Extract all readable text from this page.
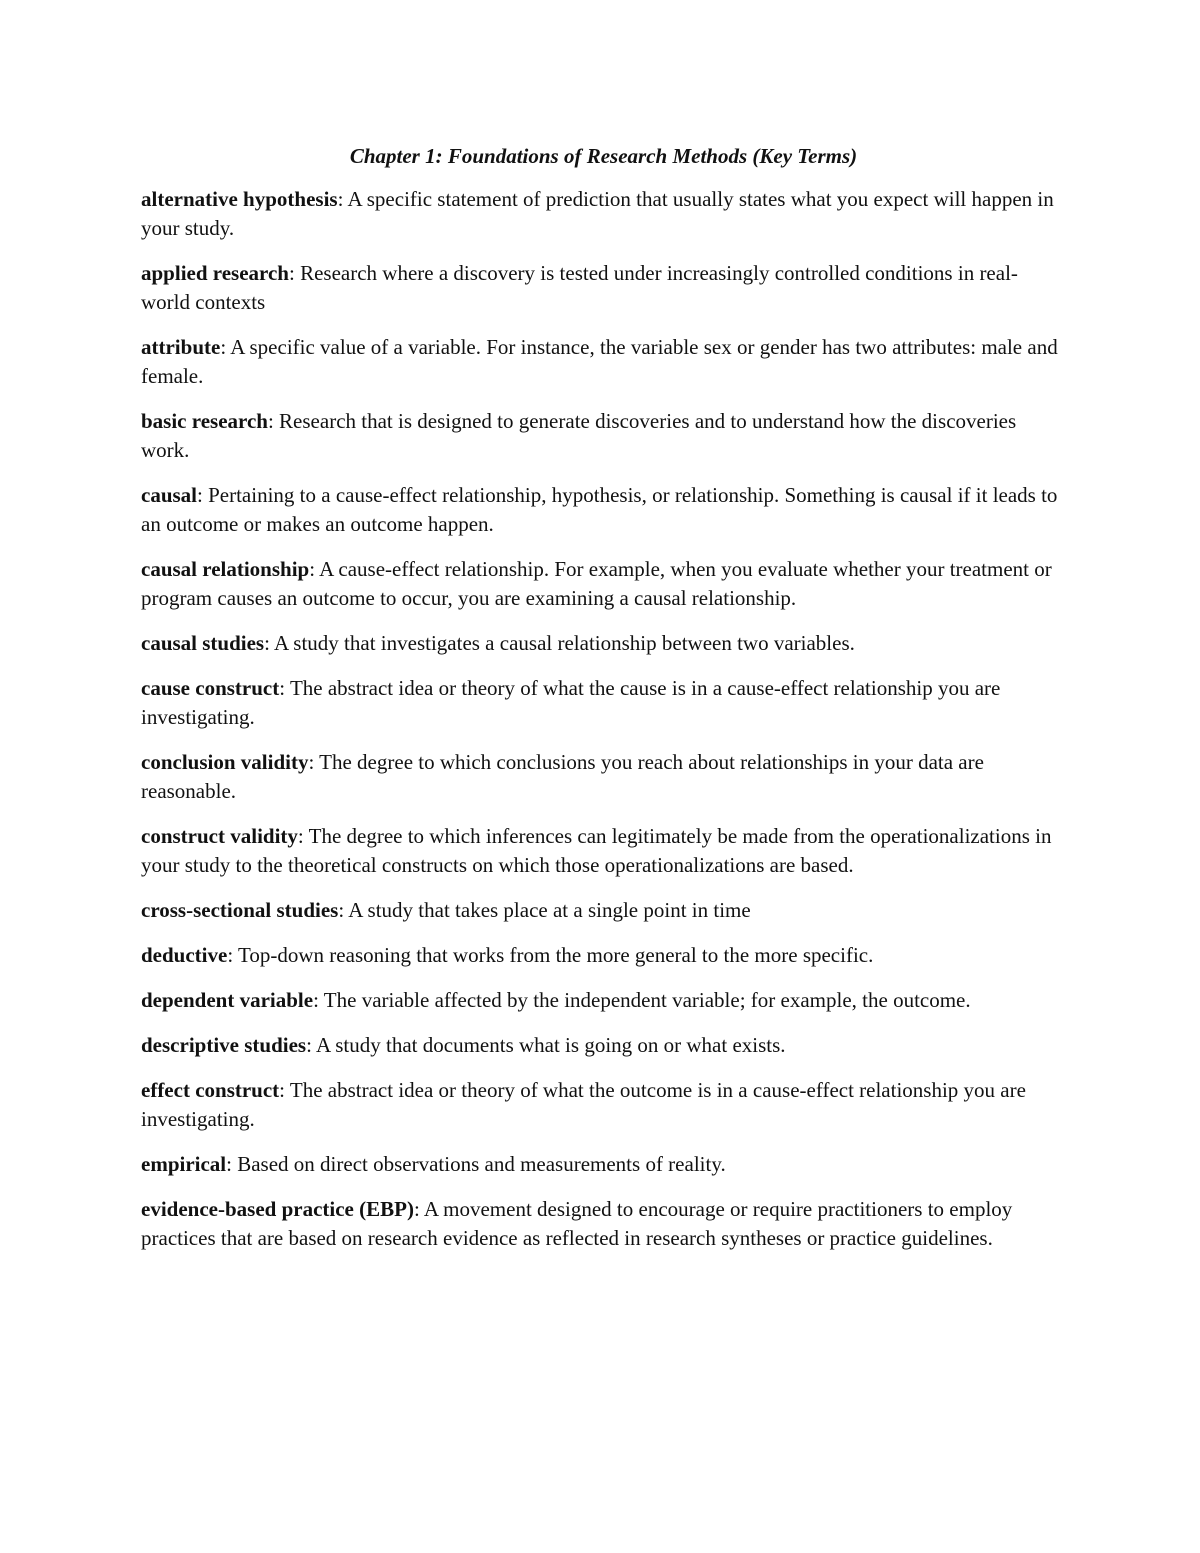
Chapter 1: Foundations of Research Methods (Key Terms)

alternative hypothesis: A specific statement of prediction that usually states what you expect will happen in your study.

applied research: Research where a discovery is tested under increasingly controlled conditions in real-world contexts

attribute: A specific value of a variable. For instance, the variable sex or gender has two attributes: male and female.

basic research: Research that is designed to generate discoveries and to understand how the discoveries work.

causal: Pertaining to a cause-effect relationship, hypothesis, or relationship. Something is causal if it leads to an outcome or makes an outcome happen.

causal relationship: A cause-effect relationship. For example, when you evaluate whether your treatment or program causes an outcome to occur, you are examining a causal relationship.

causal studies: A study that investigates a causal relationship between two variables.

cause construct: The abstract idea or theory of what the cause is in a cause-effect relationship you are investigating.

conclusion validity: The degree to which conclusions you reach about relationships in your data are reasonable.

construct validity: The degree to which inferences can legitimately be made from the operationalizations in your study to the theoretical constructs on which those operationalizations are based.

cross-sectional studies: A study that takes place at a single point in time

deductive: Top-down reasoning that works from the more general to the more specific.

dependent variable: The variable affected by the independent variable; for example, the outcome.

descriptive studies: A study that documents what is going on or what exists.

effect construct: The abstract idea or theory of what the outcome is in a cause-effect relationship you are investigating.

empirical: Based on direct observations and measurements of reality.

evidence-based practice (EBP): A movement designed to encourage or require practitioners to employ practices that are based on research evidence as reflected in research syntheses or practice guidelines.
